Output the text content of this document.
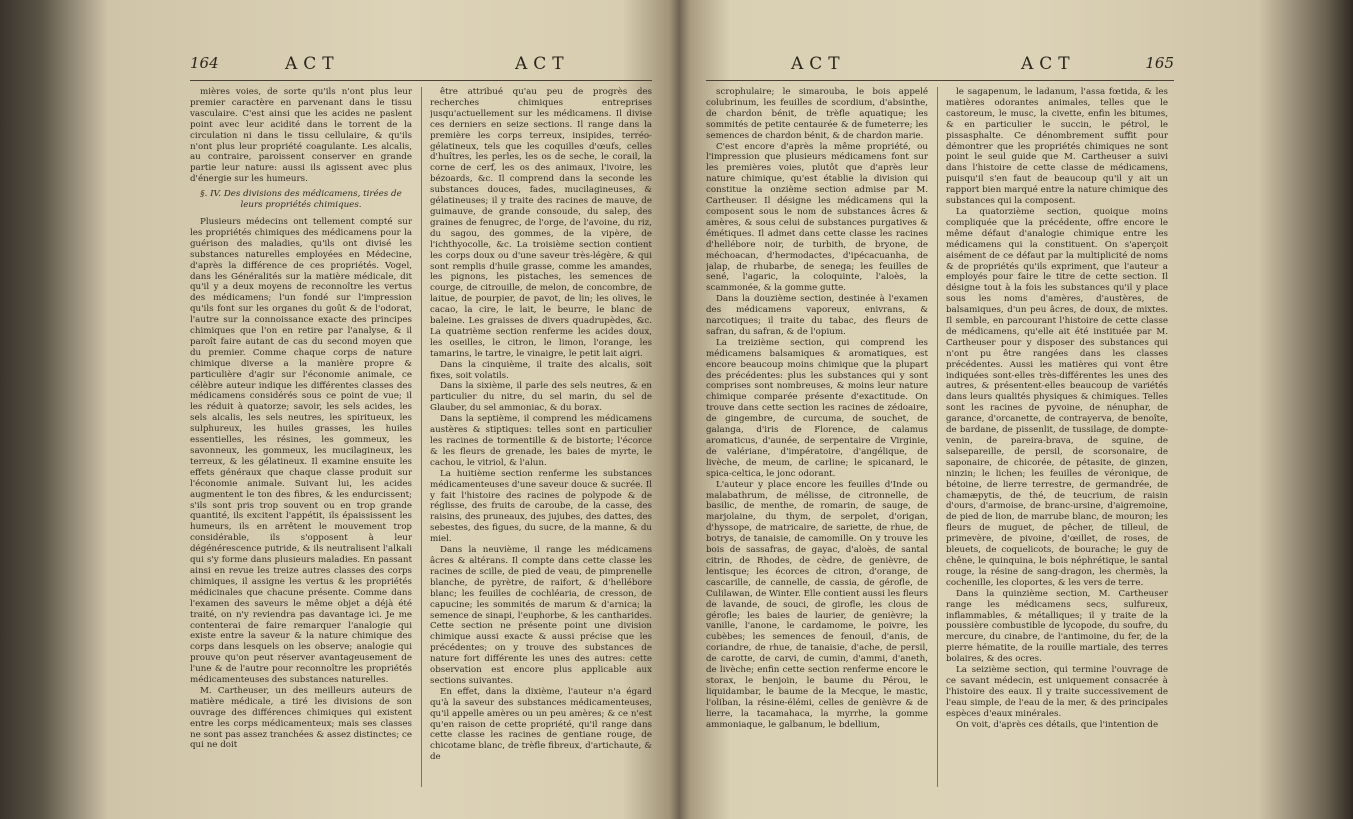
164	ACT	ACT

mières voies, de sorte qu'ils n'ont plus leur premier caractère en parvenant dans le tissu vasculaire. C'est ainsi que les acides ne paslent point avec leur acidité dans le torrent de la circulation ni dans le tissu cellulaire, & qu'ils n'ont plus leur propriété coagulante. Les alcalis, au contraire, paroissent conserver en grande partie leur nature: aussi ils agissent avec plus d'énergie sur les humeurs.

§. IV. Des divisions des médicamens, tirées de leurs propriétés chimiques.

Plusieurs médecins ont tellement compté sur les propriétés chimiques des médicamens pour la guérison des maladies, qu'ils ont divisé les substances naturelles employées en Médecine, d'après la différence de ces propriétés. Vogel, dans les Généralités sur la matière médicale, dit qu'il y a deux moyens de reconnoître les vertus des médicamens; l'un fondé sur l'impression qu'ils font sur les organes du goût & de l'odorat, l'autre sur la connoissance exacte des principes chimiques que l'on en retire par l'analyse, & il paroît faire autant de cas du second moyen que du premier. Comme chaque corps de nature chimique diverse a la manière propre & particulière d'agir sur l'économie animale, ce célèbre auteur indique les différentes classes des médicamens considérés sous ce point de vue; il les réduit à quatorze; savoir, les sels acides, les sels alcalis, les sels neutres, les spiritueux, les sulphureux, les huiles grasses, les huiles essentielles, les résines, les gommeux, les savonneux, les gommeux, les mucilagineux, les terreux, & les gélatineux. Il examine ensuite les effets généraux que chaque classe produit sur l'économie animale. Suivant lui, les acides augmentent le ton des fibres, & les endurcissent; s'ils sont pris trop souvent ou en trop grande quantité, ils excitent l'appétit, ils épaississent les humeurs, ils en arrêtent le mouvement trop considérable, ils s'opposent à leur dégénérescence putride, & ils neutralisent l'alkali qui s'y forme dans plusieurs maladies. En passant ainsi en revue les treize autres classes des corps chimiques, il assigne les vertus & les propriétés médicinales que chacune présente. Comme dans l'examen des saveurs le même objet a déjà été traité, on n'y reviendra pas davantage ici. Je me contenterai de faire remarquer l'analogie qui existe entre la saveur & la nature chimique des corps dans lesquels on les observe; analogie qui prouve qu'on peut réserver avantageusement de l'une & de l'autre pour reconnoître les propriétés médicamenteuses des substances naturelles.

M. Cartheuser, un des meilleurs auteurs de matière médicale, a tiré les divisions de son ouvrage des différences chimiques qui existent entre les corps médicamenteux; mais ses classes ne sont pas assez tranchées & assez distinctes; ce qui ne doit

être attribué qu'au peu de progrès des recherches chimiques entreprises jusqu'actuellement sur les médicamens. Il divise ces derniers en seize sections. Il range dans la première les corps terreux, insipides, terréo-gélatineux, tels que les coquilles d'œufs, celles d'huîtres, les perles, les os de seche, le corail, la corne de cerf, les os des animaux, l'ivoire, les bézoards, &c. Il comprend dans la seconde les substances douces, fades, mucilagineuses, & gélatineuses; il y traite des racines de mauve, de guimauve, de grande consoude, du salep, des graines de fenugrec, de l'orge, de l'avoine, du riz, du sagou, des gommes, de la vipère, de l'ichthyocolle, &c. La troisième section contient les corps doux ou d'une saveur très-légère, & qui sont remplis d'huile grasse, comme les amandes, les pignons, les pistaches, les semences de courge, de citrouille, de melon, de concombre, de laitue, de pourpier, de pavot, de lin; les olives, le cacao, la cire, le lait, le beurre, le blanc de baleine. Les graisses de divers quadrupèdes, &c. La quatrième section renferme les acides doux, les oseilles, le citron, le limon, l'orange, les tamarins, le tartre, le vinaigre, le petit lait aigri.

Dans la cinquième, il traite des alcalis, soit fixes, soit volatils.

Dans la sixième, il parle des sels neutres, & en particulier du nitre, du sel marin, du sel de Glauber, du sel ammoniac, & du borax.

Dans la septième, il comprend les médicamens austères & stiptiques: telles sont en particulier les racines de tormentille & de bistorte; l'écorce & les fleurs de grenade, les baies de myrte, le cachou, le vitriol, & l'alun.

La huitième section renferme les substances médicamenteuses d'une saveur douce & sucrée. Il y fait l'histoire des racines de polypode & de réglisse, des fruits de caroube, de la casse, des raisins, des pruneaux, des jujubes, des dattes, des sebestes, des figues, du sucre, de la manne, & du miel.

Dans la neuvième, il range les médicamens âcres & altérans. Il compte dans cette classe les racines de scille, de pied de veau, de pimprenelle blanche, de pyrètre, de raifort, & d'hellébore blanc; les feuilles de cochléaria, de cresson, de capucine; les sommités de marum & d'arnica; la semence de sinapi, l'euphorbe, & les cantharides. Cette section ne présente point une division chimique aussi exacte & aussi précise que les précédentes; on y trouve des substances de nature fort différente les unes des autres: cette observation est encore plus applicable aux sections suivantes.

En effet, dans la dixième, l'auteur n'a égard qu'à la saveur des substances médicamenteuses, qu'il appelle amères ou un peu amères; & ce n'est qu'en raison de cette propriété, qu'il range dans cette classe les racines de gentiane rouge, de chicotame blanc, de trèfle fibreux, d'artichaute, & de

ACT	ACT	165

scrophulaire; le simarouba, le bois appelé colubrinum, les feuilles de scordium, d'absinthe, de chardon bénit, de trèfle aquatique; les sommités de petite centaurée & de fumeterre; les semences de chardon bénit, & de chardon marie.

C'est encore d'après la même propriété, ou l'impression que plusieurs médicamens font sur les premières voies, plutôt que d'après leur nature chimique, qu'est établie la division qui constitue la onzième section admise par M. Cartheuser. Il désigne les médicamens qui la composent sous le nom de substances âcres & amères, & sous celui de substances purgatives & émétiques. Il admet dans cette classe les racines d'hellébore noir, de turbith, de bryone, de méchoacan, d'hermodactes, d'ipécacuanha, de jalap, de rhubarbe, de senega; les feuilles de sené, l'agaric, la coloquinte, l'aloès, la scammonée, & la gomme gutte.

Dans la douzième section, destinée à l'examen des médicamens vaporeux, enivrans, & narcotiques; il traite du tabac, des fleurs de safran, du safran, & de l'opium.

La treizième section, qui comprend les médicamens balsamiques & aromatiques, est encore beaucoup moins chimique que la plupart des précédentes: plus les substances qui y sont comprises sont nombreuses, & moins leur nature chimique comparée présente d'exactitude. On trouve dans cette section les racines de zédoaire, de gingembre, de curcuma, de souchet, de galanga, d'iris de Florence, de calamus aromaticus, d'aunée, de serpentaire de Virginie, de valériane, d'impératoire, d'angélique, de livèche, de meum, de carline; le spicanard, le spica-celtica, le jonc odorant.

L'auteur y place encore les feuilles d'Inde ou malabathrum, de mélisse, de citronnelle, de basilic, de menthe, de romarin, de sauge, de marjolaine, du thym, de serpolet, d'origan, d'hyssope, de matricaire, de sariette, de rhue, de botrys, de tanaisie, de camomille. On y trouve les bois de sassafras, de gayac, d'aloès, de santal citrin, de Rhodes, de cèdre, de genièvre, de lentisque; les écorces de citron, d'orange, de cascarille, de cannelle, de cassia, de gérofle, de Culilawan, de Winter. Elle contient aussi les fleurs de lavande, de souci, de girofle, les clous de gérofle; les baies de laurier, de genièvre; la vanille, l'anone, le cardamome, le poivre, les cubèbes; les semences de fenouil, d'anis, de coriandre, de rhue, de tanaisie, d'ache, de persil, de carotte, de carvi, de cumin, d'ammi, d'aneth, de livèche; enfin cette section renferme encore le storax, le benjoin, le baume du Pérou, le liquidambar, le baume de la Mecque, le mastic, l'oliban, la résine-élémi, celles de genièvre & de lierre, la tacamahaca, la myrrhe, la gomme ammoniaque, le galbanum, le bdellium,

le sagapenum, le ladanum, l'assa fœtida, & les matières odorantes animales, telles que le castoreum, le musc, la civette, enfin les bitumes, & en particulier le succin, le pétrol, le pissasphalte. Ce dénombrement suffit pour démontrer que les propriétés chimiques ne sont point le seul guide que M. Cartheuser a suivi dans l'histoire de cette classe de médicamens, puisqu'il s'en faut de beaucoup qu'il y ait un rapport bien marqué entre la nature chimique des substances qui la composent.

La quatorzième section, quoique moins compliquée que la précédente, offre encore le même défaut d'analogie chimique entre les médicamens qui la constituent. On s'aperçoit aisément de ce défaut par la multiplicité de noms & de propriétés qu'ils expriment, que l'auteur a employés pour faire le titre de cette section. Il désigne tout à la fois les substances qu'il y place sous les noms d'amères, d'austères, de balsamiques, d'un peu âcres, de doux, de mixtes. Il semble, en parcourant l'histoire de cette classe de médicamens, qu'elle ait été instituée par M. Cartheuser pour y disposer des substances qui n'ont pu être rangées dans les classes précédentes. Aussi les matières qui vont être indiquées sont-elles très-différentes les unes des autres, & présentent-elles beaucoup de variétés dans leurs qualités physiques & chimiques. Telles sont les racines de pyvoine, de nénuphar, de garance, d'orcanette, de contrayerva, de benoîte, de bardane, de pissenlit, de tussilage, de dompte-venin, de pareira-brava, de squine, de salsepareille, de persil, de scorsonaire, de saponaire, de chicorée, de pétasite, de ginzen, ninzin; le lichen; les feuilles de véronique, de bétoine, de lierre terrestre, de germandrée, de chamæpytis, de thé, de teucrium, de raisin d'ours, d'armoise, de branc-ursine, d'aigremoine, de pied de lion, de marrube blanc, de mouron; les fleurs de muguet, de pêcher, de tilleul, de primevère, de pivoine, d'œillet, de roses, de bleuets, de coquelicots, de bourache; le guy de chêne, le quinquina, le bois néphrétique, le santal rouge, la résine de sang-dragon, les chermès, la cochenille, les cloportes, & les vers de terre.

Dans la quinzième section, M. Cartheuser range les médicamens secs, sulfureux, inflammables, & métalliques; il y traite de la poussière combustible de lycopode, du soufre, du mercure, du cinabre, de l'antimoine, du fer, de la pierre hématite, de la rouille martiale, des terres bolaires, & des ocres.

La seizième section, qui termine l'ouvrage de ce savant médecin, est uniquement consacrée à l'histoire des eaux. Il y traite successivement de l'eau simple, de l'eau de la mer, & des principales espèces d'eaux minérales.

On voit, d'après ces détails, que l'intention de
